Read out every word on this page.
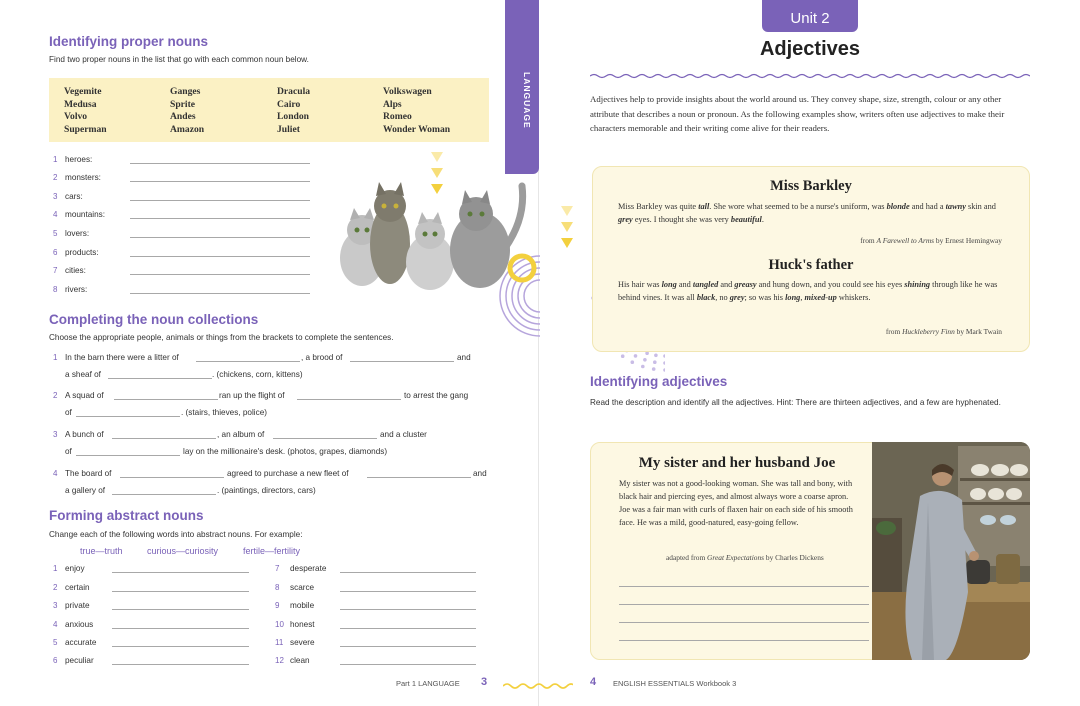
Identifying proper nouns
Find two proper nouns in the list that go with each common noun below.
Vegemite
Medusa
Volvo
Superman
Ganges
Sprite
Andes
Amazon
Dracula
Cairo
London
Juliet
Volkswagen
Alps
Romeo
Wonder Woman
1 heroes:
2 monsters:
3 cars:
4 mountains:
5 lovers:
6 products:
7 cities:
8 rivers:
LANGUAGE
Completing the noun collections
Choose the appropriate people, animals or things from the brackets to complete the sentences.
1 In the barn there were a litter of	, a brood of	and
a sheaf of	. (chickens, corn, kittens)
2 A squad of	ran up the flight of	to arrest the gang
of	. (stairs, thieves, police)
3 A bunch of	, an album of	and a cluster
of	lay on the millionaire's desk. (photos, grapes, diamonds)
4 The board of	agreed to purchase a new fleet of	and
a gallery of	. (paintings, directors, cars)
Forming abstract nouns
Change each of the following words into abstract nouns. For example:
true—truth	curious—curiosity	fertile—fertility
1 enjoy
2 certain
3 private
4 anxious
5 accurate
6 peculiar
7 desperate
8 scarce
9 mobile
10 honest
11 severe
12 clean
Part 1 LANGUAGE 3
Unit 2
Adjectives
Adjectives help to provide insights about the world around us. They convey shape, size, strength, colour or any other attribute that describes a noun or pronoun. As the following examples show, writers often use adjectives to make their characters memorable and their writing come alive for their readers.
Miss Barkley
Miss Barkley was quite tall. She wore what seemed to be a nurse's uniform, was blonde and had a tawny skin and grey eyes. I thought she was very beautiful.
from A Farewell to Arms by Ernest Hemingway
Huck's father
His hair was long and tangled and greasy and hung down, and you could see his eyes shining through like he was behind vines. It was all black, no grey; so was his long, mixed-up whiskers.
from Huckleberry Finn by Mark Twain
Identifying adjectives
Read the description and identify all the adjectives. Hint: There are thirteen adjectives, and a few are hyphenated.
My sister and her husband Joe
My sister was not a good-looking woman. She was tall and bony, with black hair and piercing eyes, and almost always wore a coarse apron. Joe was a fair man with curls of flaxen hair on each side of his smooth face. He was a mild, good-natured, easy-going fellow.
adapted from Great Expectations by Charles Dickens
4 ENGLISH ESSENTIALS Workbook 3
